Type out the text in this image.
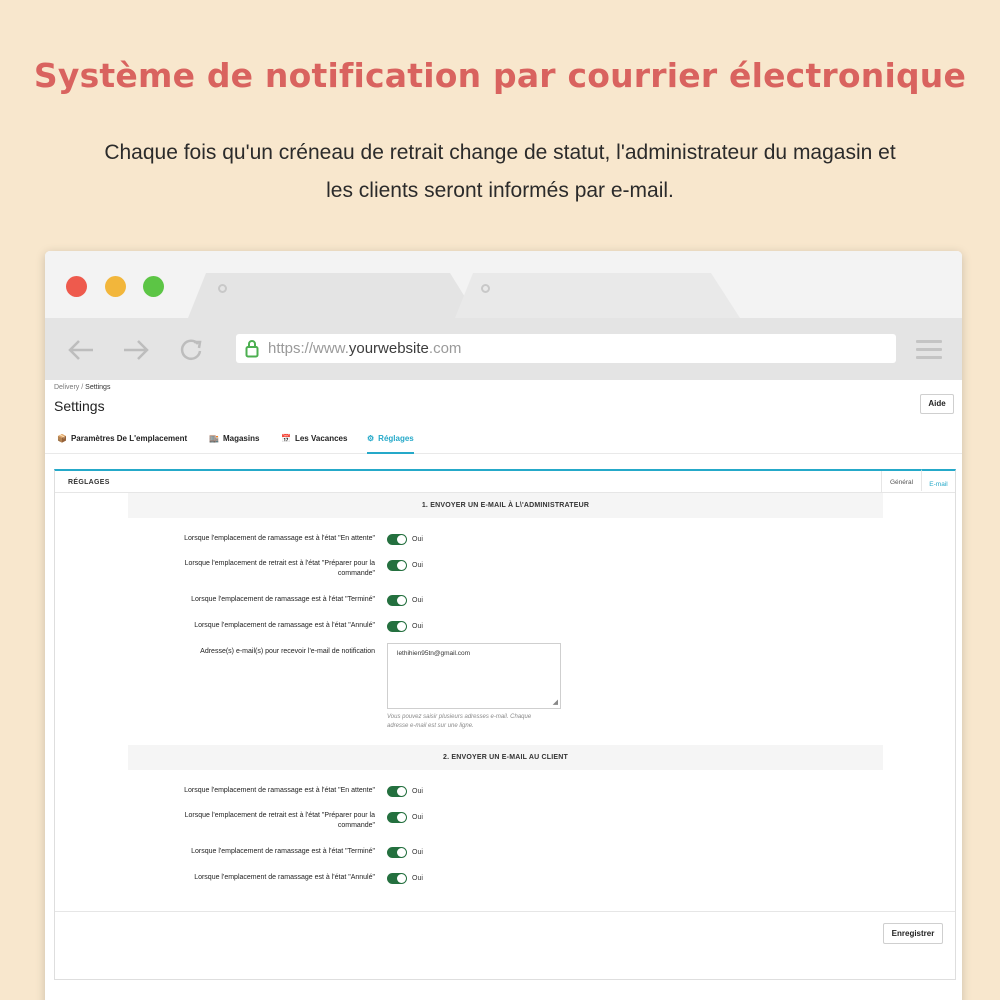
Système de notification par courrier électronique
Chaque fois qu'un créneau de retrait change de statut, l'administrateur du magasin et
les clients seront informés par e-mail.
https://www.yourwebsite.com
Delivery / Settings
Settings	Aide
📦 Paramètres De L'emplacement	🏬 Magasins	📅 Les Vacances ⚙ Réglages
RÉGLAGES	Général	E-mail
1. ENVOYER UN E-MAIL À L\'ADMINISTRATEUR
Lorsque l'emplacement de ramassage est à l'état "En attente"	Oui
Lorsque l'emplacement de retrait est à l'état "Préparer pour la
commande"
Oui
Lorsque l'emplacement de ramassage est à l'état "Terminé"	Oui
Lorsque l'emplacement de ramassage est à l'état "Annulé"	Oui
Adresse(s) e-mail(s) pour recevoir l'e-mail de notification	lethihien95tn@gmail.com
◢
Vous pouvez saisir plusieurs adresses e-mail. Chaque
adresse e-mail est sur une ligne.
2. ENVOYER UN E-MAIL AU CLIENT
Lorsque l'emplacement de ramassage est à l'état "En attente"	Oui
Lorsque l'emplacement de retrait est à l'état "Préparer pour la
commande"
Oui
Lorsque l'emplacement de ramassage est à l'état "Terminé"	Oui
Lorsque l'emplacement de ramassage est à l'état "Annulé"	Oui
Enregistrer
